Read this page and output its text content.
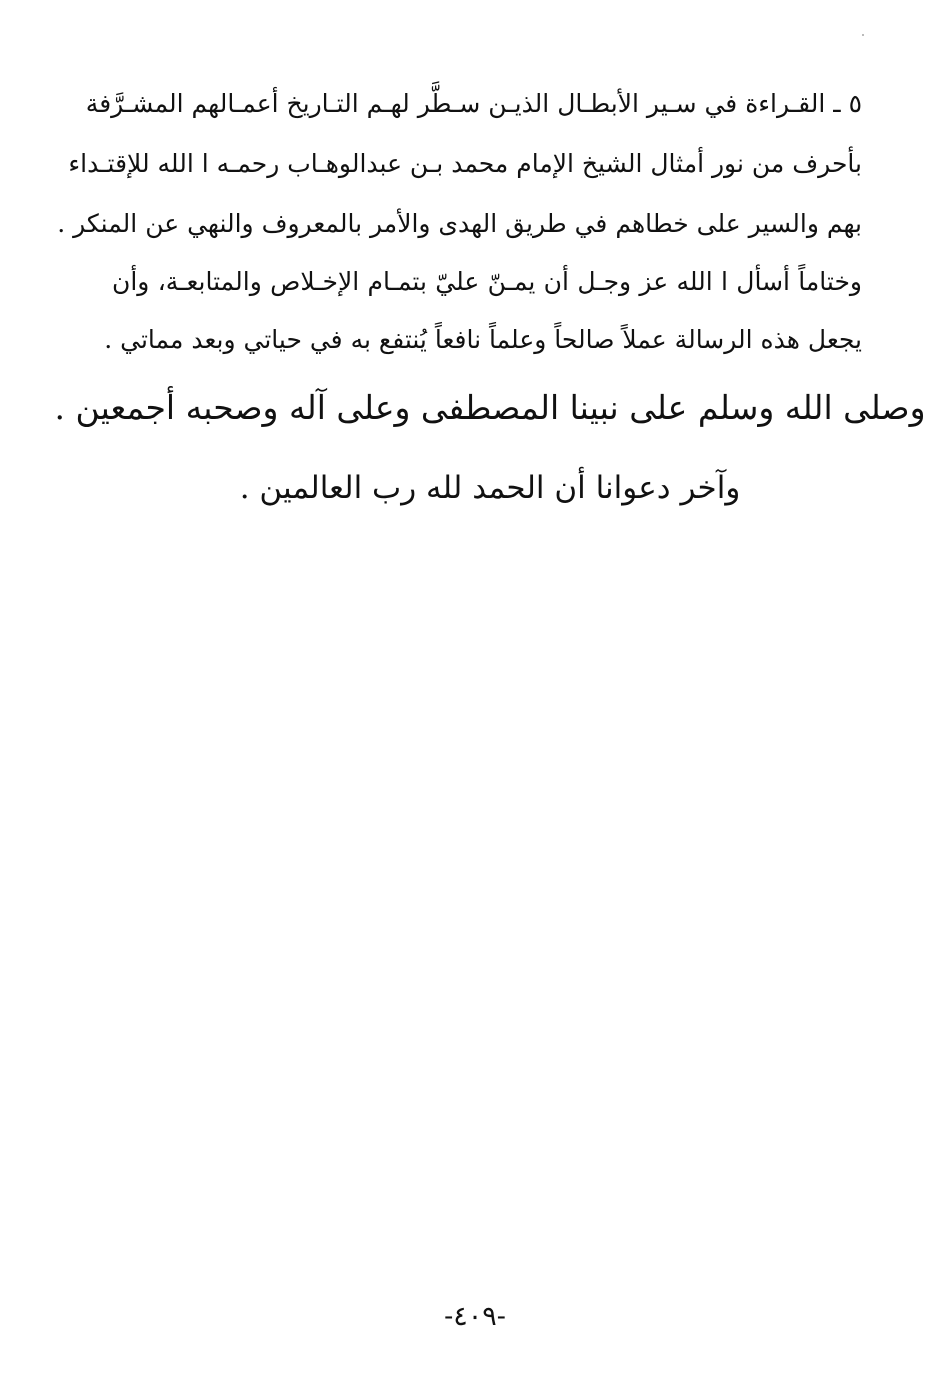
٥ ـ القـراءة في سـير الأبطـال الذيـن سـطَّر لهـم التـاريخ أعمـالهم المشـرَّفة
بأحرف من نور أمثال الشيخ الإمام محمد بـن عبدالوهـاب رحمـه ا الله للإقتـداء
بهم والسير على خطاهم في طريق الهدى والأمر بالمعروف والنهي عن المنكر .
وختاماً أسأل ا الله عز وجـل أن يمـنّ عليّ بتمـام الإخـلاص والمتابعـة، وأن
يجعل هذه الرسالة عملاً صالحاً وعلماً نافعاً يُنتفع به في حياتي وبعد مماتي .
وصلى الله وسلم على نبينا المصطفى وعلى آله وصحبه أجمعين .
وآخر دعوانا أن الحمد لله رب العالمين .
-٤٠٩-
